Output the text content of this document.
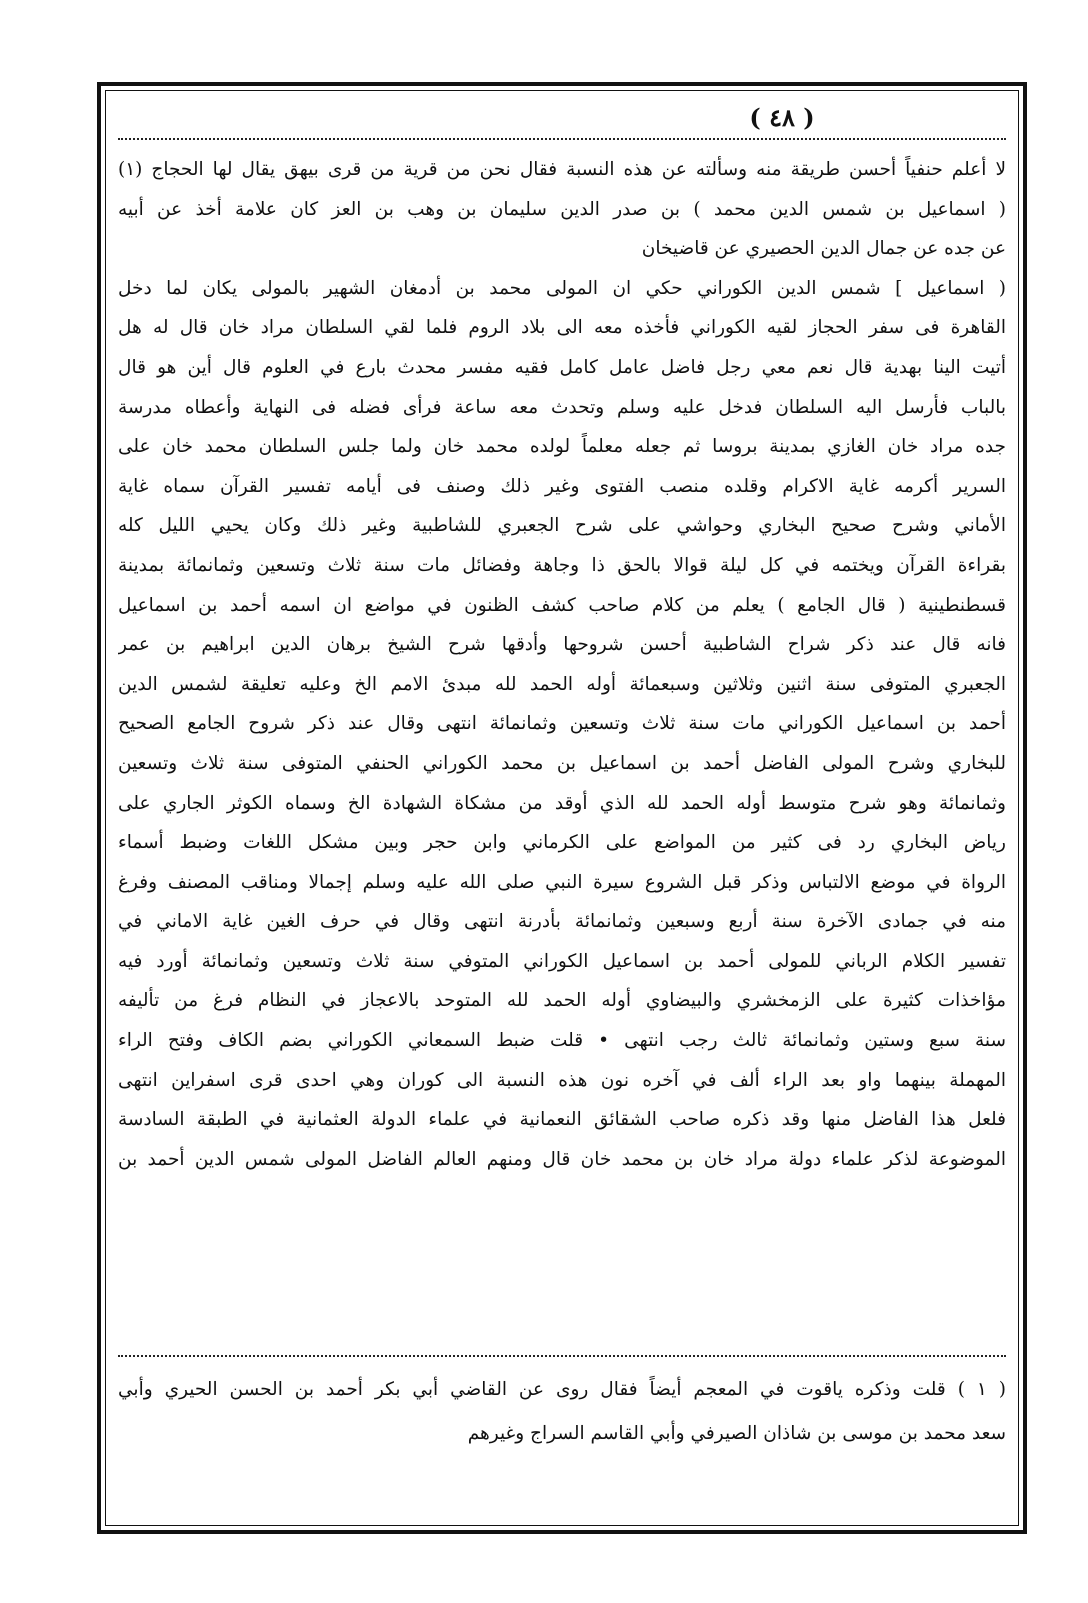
( ٤٨ )
لا أعلم حنفياً أحسن طريقة منه وسألته عن هذه النسبة فقال نحن من قرية من قرى بيهق يقال لها الحجاج (١)
( اسماعيل بن شمس الدين محمد ) بن صدر الدين سليمان بن وهب بن العز كان علامة أخذ عن أبيه
عن جده عن جمال الدين الحصيري عن قاضيخان
( اسماعيل ] شمس الدين الكوراني حكي ان المولى محمد بن أدمغان الشهير بالمولى يكان لما دخل
القاهرة فى سفر الحجاز لقيه الكوراني فأخذه معه الى بلاد الروم فلما لقي السلطان مراد خان قال له هل
أتيت الينا بهدية قال نعم معي رجل فاضل عامل كامل فقيه مفسر محدث بارع في العلوم قال أين هو قال
بالباب فأرسل اليه السلطان فدخل عليه وسلم وتحدث معه ساعة فرأى فضله فى النهاية وأعطاه مدرسة
جده مراد خان الغازي بمدينة بروسا ثم جعله معلماً لولده محمد خان ولما جلس السلطان محمد خان على
السرير أكرمه غاية الاكرام وقلده منصب الفتوى وغير ذلك وصنف فى أيامه تفسير القرآن سماه غاية
الأماني وشرح صحيح البخاري وحواشي على شرح الجعبري للشاطبية وغير ذلك وكان يحيي الليل كله
بقراءة القرآن ويختمه في كل ليلة قوالا بالحق ذا وجاهة وفضائل مات سنة ثلاث وتسعين وثمانمائة بمدينة
قسطنطينية ( قال الجامع ) يعلم من كلام صاحب كشف الظنون في مواضع ان اسمه أحمد بن اسماعيل
فانه قال عند ذكر شراح الشاطبية أحسن شروحها وأدقها شرح الشيخ برهان الدين ابراهيم بن عمر
الجعبري المتوفى سنة اثنين وثلاثين وسبعمائة أوله الحمد لله مبدئ الامم الخ وعليه تعليقة لشمس الدين
أحمد بن اسماعيل الكوراني مات سنة ثلاث وتسعين وثمانمائة انتهى وقال عند ذكر شروح الجامع الصحيح
للبخاري وشرح المولى الفاضل أحمد بن اسماعيل بن محمد الكوراني الحنفي المتوفى سنة ثلاث وتسعين
وثمانمائة وهو شرح متوسط أوله الحمد لله الذي أوقد من مشكاة الشهادة الخ وسماه الكوثر الجاري على
رياض البخاري رد فى كثير من المواضع على الكرماني وابن حجر وبين مشكل اللغات وضبط أسماء
الرواة في موضع الالتباس وذكر قبل الشروع سيرة النبي صلى الله عليه وسلم إجمالا ومناقب المصنف وفرغ
منه في جمادى الآخرة سنة أربع وسبعين وثمانمائة بأدرنة انتهى وقال في حرف الغين غاية الاماني في
تفسير الكلام الرباني للمولى أحمد بن اسماعيل الكوراني المتوفي سنة ثلاث وتسعين وثمانمائة أورد فيه
مؤاخذات كثيرة على الزمخشري والبيضاوي أوله الحمد لله المتوحد بالاعجاز في النظام فرغ من تأليفه
سنة سبع وستين وثمانمائة ثالث رجب انتهى • قلت ضبط السمعاني الكوراني بضم الكاف وفتح الراء
المهملة بينهما واو بعد الراء ألف في آخره نون هذه النسبة الى كوران وهي احدى قرى اسفراين انتهى
فلعل هذا الفاضل منها وقد ذكره صاحب الشقائق النعمانية في علماء الدولة العثمانية في الطبقة السادسة
الموضوعة لذكر علماء دولة مراد خان بن محمد خان قال ومنهم العالم الفاضل المولى شمس الدين أحمد بن
( ١ ) قلت وذكره ياقوت في المعجم أيضاً فقال روى عن القاضي أبي بكر أحمد بن الحسن الحيري وأبي
سعد محمد بن موسى بن شاذان الصيرفي وأبي القاسم السراج وغيرهم
